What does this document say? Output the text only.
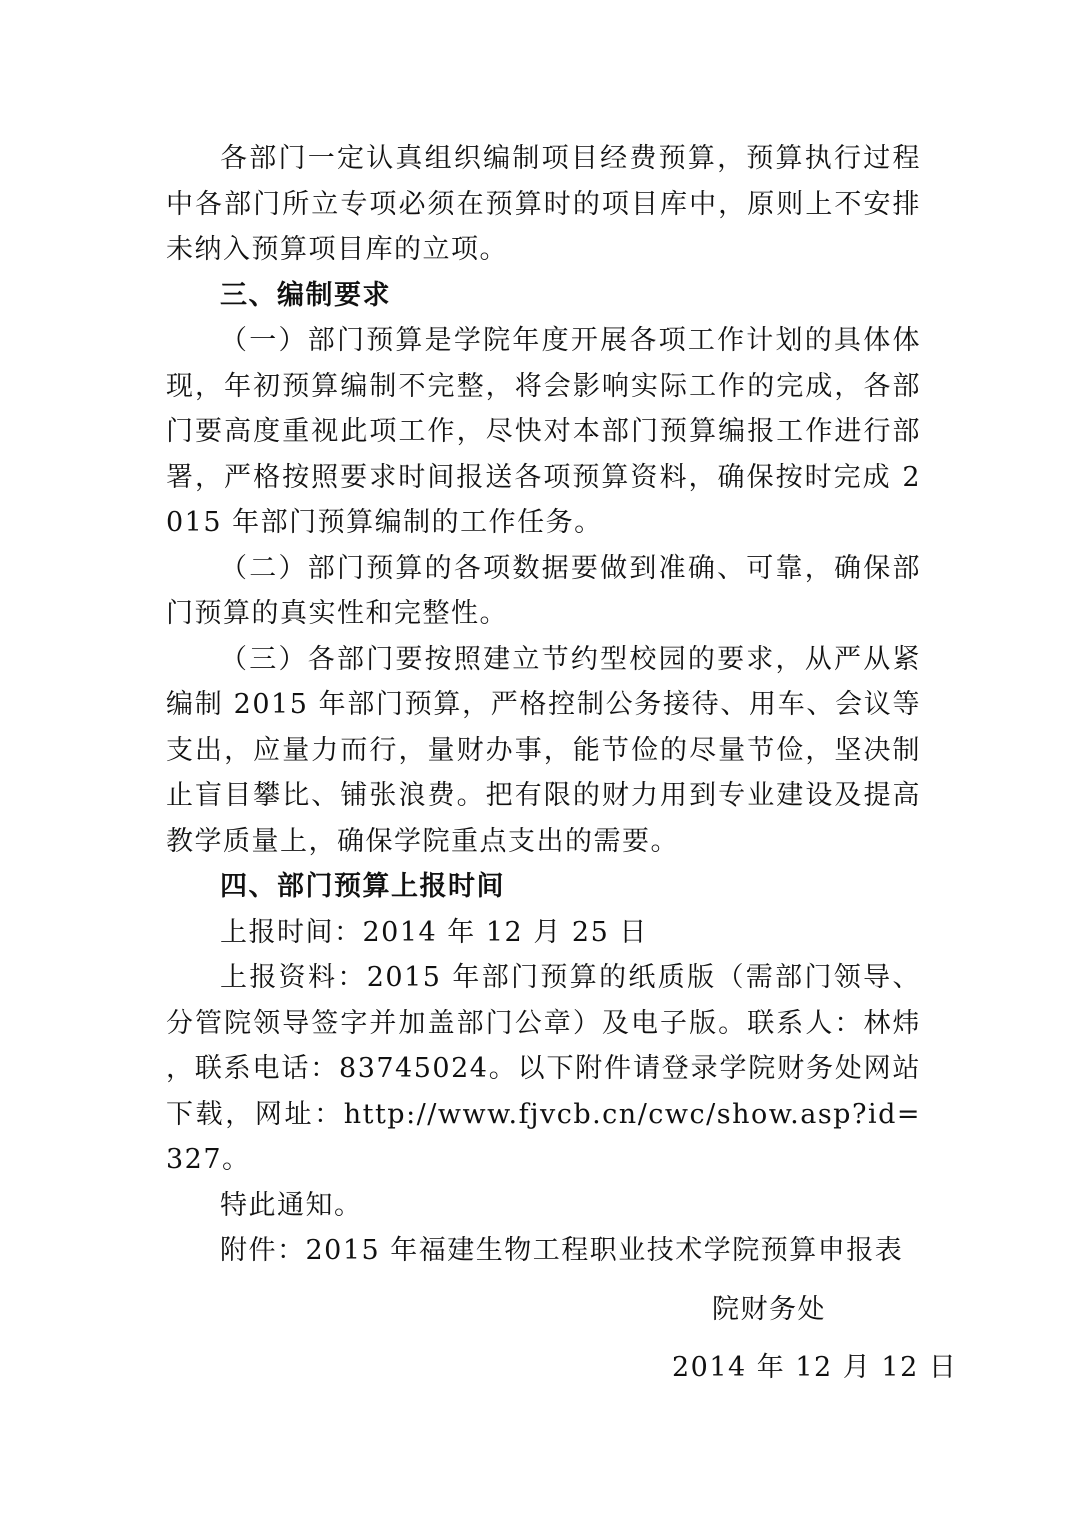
各部门一定认真组织编制项目经费预算，预算执行过程中各部门所立专项必须在预算时的项目库中，原则上不安排未纳入预算项目库的立项。

三、编制要求

（一）部门预算是学院年度开展各项工作计划的具体体现，年初预算编制不完整，将会影响实际工作的完成，各部门要高度重视此项工作，尽快对本部门预算编报工作进行部署，严格按照要求时间报送各项预算资料，确保按时完成 2015 年部门预算编制的工作任务。

（二）部门预算的各项数据要做到准确、可靠，确保部门预算的真实性和完整性。

（三）各部门要按照建立节约型校园的要求，从严从紧编制 2015 年部门预算，严格控制公务接待、用车、会议等支出，应量力而行，量财办事，能节俭的尽量节俭，坚决制止盲目攀比、铺张浪费。把有限的财力用到专业建设及提高教学质量上，确保学院重点支出的需要。

四、部门预算上报时间

上报时间：2014 年 12 月 25 日

上报资料：2015 年部门预算的纸质版（需部门领导、分管院领导签字并加盖部门公章）及电子版。联系人：林炜 ，联系电话：83745024。以下附件请登录学院财务处网站下载，网址：http://www.fjvcb.cn/cwc/show.asp?id=327。

特此通知。

附件：2015 年福建生物工程职业技术学院预算申报表

院财务处

2014 年 12 月 12 日
